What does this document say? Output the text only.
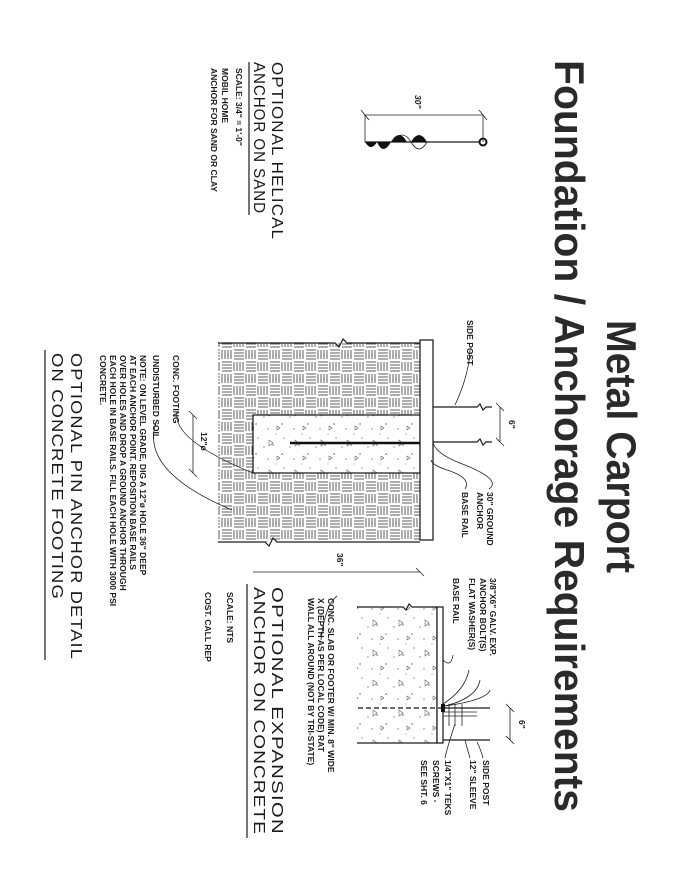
Metal Carport
Foundation / Anchorage Requirements
30"
OPTIONAL HELICAL
ANCHOR ON SAND
SCALE: 3/4" = 1'-0"
MOBIL HOME
ANCHOR FOR SAND OR CLAY
6"
SIDE POST
30" GROUND
ANCHOR
BASE RAIL
12"ø
36"
CONC. FOOTING
UNDISTURBED SOIL
NOTE: ON LEVEL GRADE, DIG A 12"ø HOLE 36" DEEP
AT EACH ANCHOR POINT. REPOSITION BASE RAILS
OVER HOLES AND DROP A GROUND ANCHOR THROUGH
EACH HOLE IN BASE RAILS. FILL EACH HOLE WITH 3000 PSI
CONCRETE.
OPTIONAL PIN ANCHOR DETAIL
ON CONCRETE FOOTING
6"
3/8"X6" GALV. EXP.
ANCHOR BOLT(S)
FLAT WASHER(S)
BASE RAIL
SIDE POST
12" SLEEVE
1/4"X1" TEKS
SCREWS -
SEE SHT. 6
CONC. SLAB OR FOOTER W/ MIN. 8" WIDE
X (DEPTH AS PER LOCAL CODE) RAT
WALL ALL AROUND (NOT BY TRI-STATE)
OPTIONAL EXPANSION
ANCHOR ON CONCRETE
SCALE: NTS
COST. CALL REP
